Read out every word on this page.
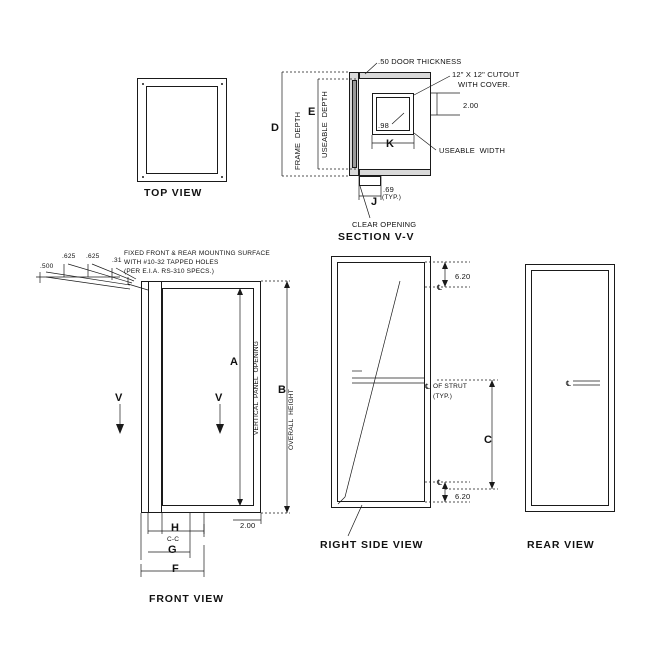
TOP VIEW
.50 DOOR THICKNESS
12" X 12" CUTOUT
WITH COVER.
2.00
.98
USEABLE  WIDTH
FRAME  DEPTH USEABLE  DEPTH
D
E
K
J
.69
(TYP.)
CLEAR OPENING
SECTION V-V
FIXED FRONT & REAR MOUNTING SURFACE
WITH #10-32 TAPPED HOLES
(PER E.I.A. RS-310 SPECS.)
.500
.625 .625
.31
VERTICAL  PANEL  OPENING	OVERALL  HEIGHT
A
B
2.00
V	V
H
C-C
G
F
FRONT VIEW
6.20
6.20
℄
℄
℄ OF STRUT
(TYP.)
C
RIGHT SIDE VIEW
℄
REAR VIEW
